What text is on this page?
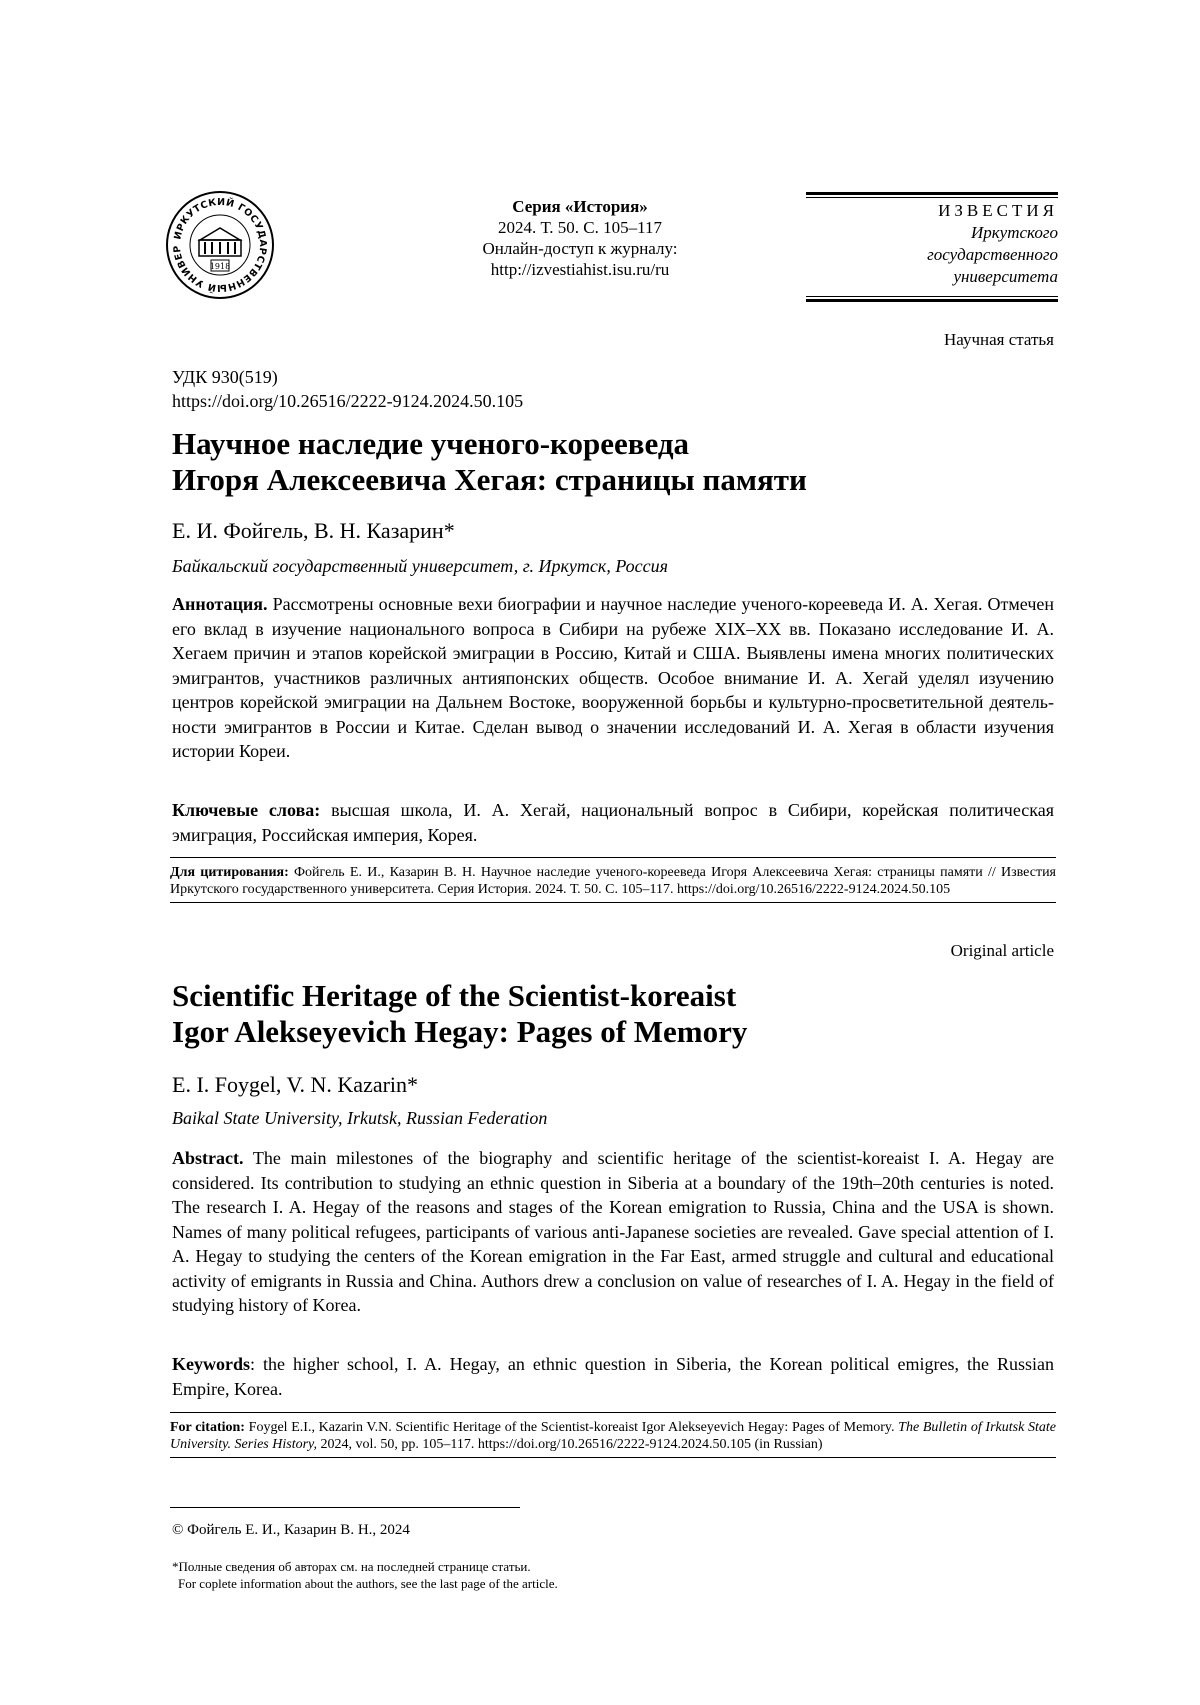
ИРКУТСКИЙ ГОСУДАРСТВЕННЫЙ УНИВЕР
1918
Серия «История»
2024. Т. 50. С. 105–117
Онлайн-доступ к журналу:
http://izvestiahist.isu.ru/ru
ИЗВЕСТИЯ
Иркутского
государственного
университета
Научная статья
УДК 930(519)
https://doi.org/10.26516/2222-9124.2024.50.105
Научное наследие ученого-корееведа
Игоря Алексеевича Хегая: страницы памяти
Е. И. Фойгель, В. Н. Казарин*
Байкальский государственный университет, г. Иркутск, Россия
Аннотация. Рассмотрены основные вехи биографии и научное наследие ученого-корееведа И. А. Хегая. Отмечен его вклад в изучение национального вопроса в Сибири на рубеже XIX–XX вв. Показано исследование И. А. Хегаем причин и этапов корейской эмиграции в Россию, Китай и США. Выявлены имена многих политических эмигрантов, участников различных антияпонских обществ. Особое внимание И. А. Хегай уделял изучению центров корейской эмиграции на Дальнем Востоке, вооруженной борьбы и культурно-просветительной деятельности эмигрантов в России и Китае. Сделан вывод о значении исследований И. А. Хегая в области изучения истории Кореи.
Ключевые слова: высшая школа, И. А. Хегай, национальный вопрос в Сибири, корейская политическая эмиграция, Российская империя, Корея.
Для цитирования: Фойгель Е. И., Казарин В. Н. Научное наследие ученого-корееведа Игоря Алексеевича Хегая: страницы памяти // Известия Иркутского государственного университета. Серия История. 2024. Т. 50. С. 105–117. https://doi.org/10.26516/2222-9124.2024.50.105
Original article
Scientific Heritage of the Scientist-koreaist
Igor Alekseyevich Hegay: Pages of Memory
E. I. Foygel, V. N. Kazarin*
Baikal State University, Irkutsk, Russian Federation
Abstract. The main milestones of the biography and scientific heritage of the scientist-koreaist I. A. Hegay are considered. Its contribution to studying an ethnic question in Siberia at a boundary of the 19th–20th centuries is noted. The research I. A. Hegay of the reasons and stages of the Korean emigration to Russia, China and the USA is shown. Names of many political refugees, participants of various anti-Japanese societies are revealed. Gave special attention of I. A. Hegay to studying the centers of the Korean emigration in the Far East, armed struggle and cultural and educational activity of emigrants in Russia and China. Authors drew a conclusion on value of researches of I. A. Hegay in the field of studying history of Korea.
Keywords: the higher school, I. A. Hegay, an ethnic question in Siberia, the Korean political emigres, the Russian Empire, Korea.
For citation: Foygel E.I., Kazarin V.N. Scientific Heritage of the Scientist-koreaist Igor Alekseyevich Hegay: Pages of Memory. The Bulletin of Irkutsk State University. Series History, 2024, vol. 50, pp. 105–117. https://doi.org/10.26516/2222-9124.2024.50.105 (in Russian)
© Фойгель Е. И., Казарин В. Н., 2024
*Полные сведения об авторах см. на последней странице статьи.
For coplete information about the authors, see the last page of the article.
